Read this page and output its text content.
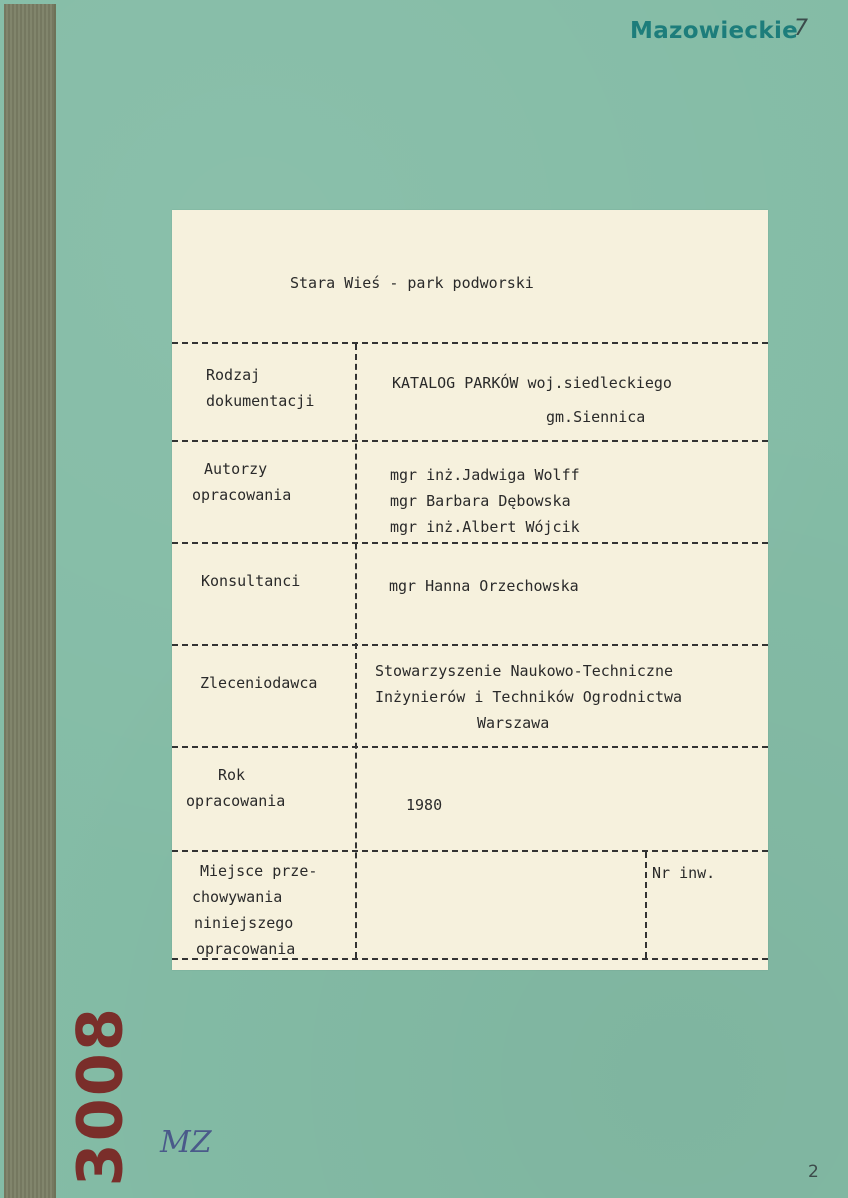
Mazowieckie
7
3008 MZ
2
Stara Wieś - park podworski
Rodzaj
dokumentacji
KATALOG PARKÓW woj.siedleckiego
gm.Siennica
Autorzy
opracowania
mgr inż.Jadwiga Wolff
mgr Barbara Dębowska
mgr inż.Albert Wójcik
Konsultanci	mgr Hanna Orzechowska
Zleceniodawca
Stowarzyszenie Naukowo-Techniczne
Inżynierów i Techników Ogrodnictwa
Warszawa
Rok
opracowania	1980
Miejsce prze-
chowywania
niniejszego
opracowania
Nr inw.
